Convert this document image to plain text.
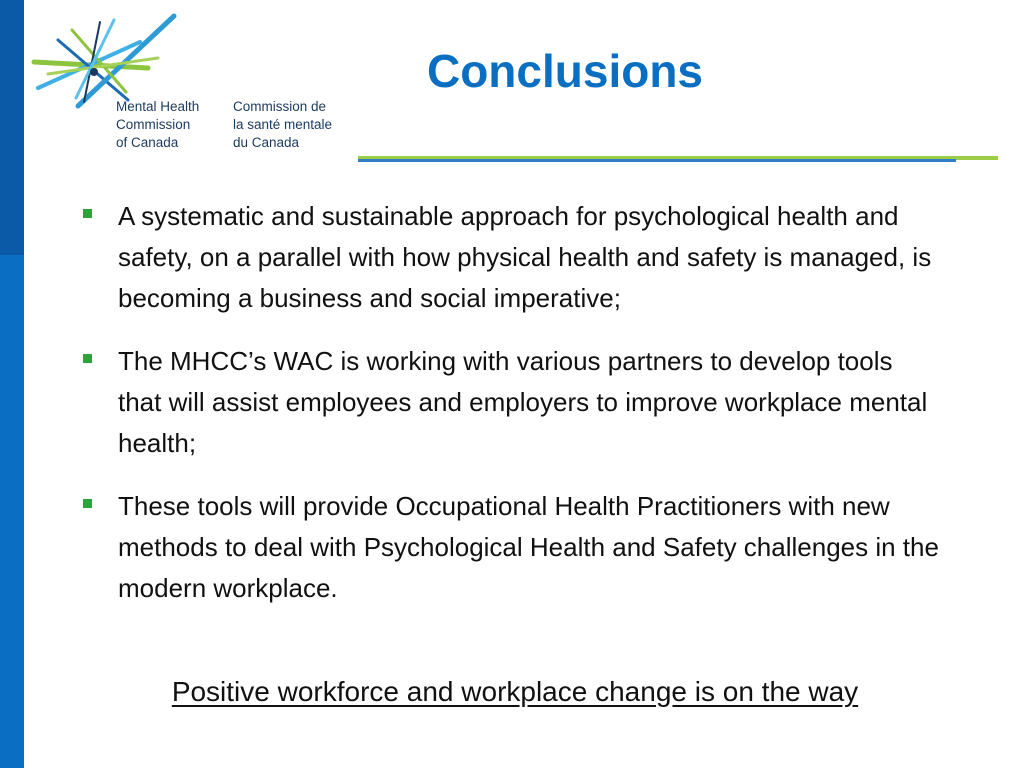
Mental Health
Commission
of Canada
Commission de
la santé mentale
du Canada
Conclusions
A systematic and sustainable approach for psychological health and safety, on a parallel with how physical health and safety is managed, is becoming a business and social imperative;
The MHCC’s WAC is working with various partners to develop tools that will assist employees and employers to improve workplace mental health;
These tools will provide Occupational Health Practitioners with new methods to deal with Psychological Health and Safety challenges in the modern workplace.
Positive workforce and workplace change is on the way
